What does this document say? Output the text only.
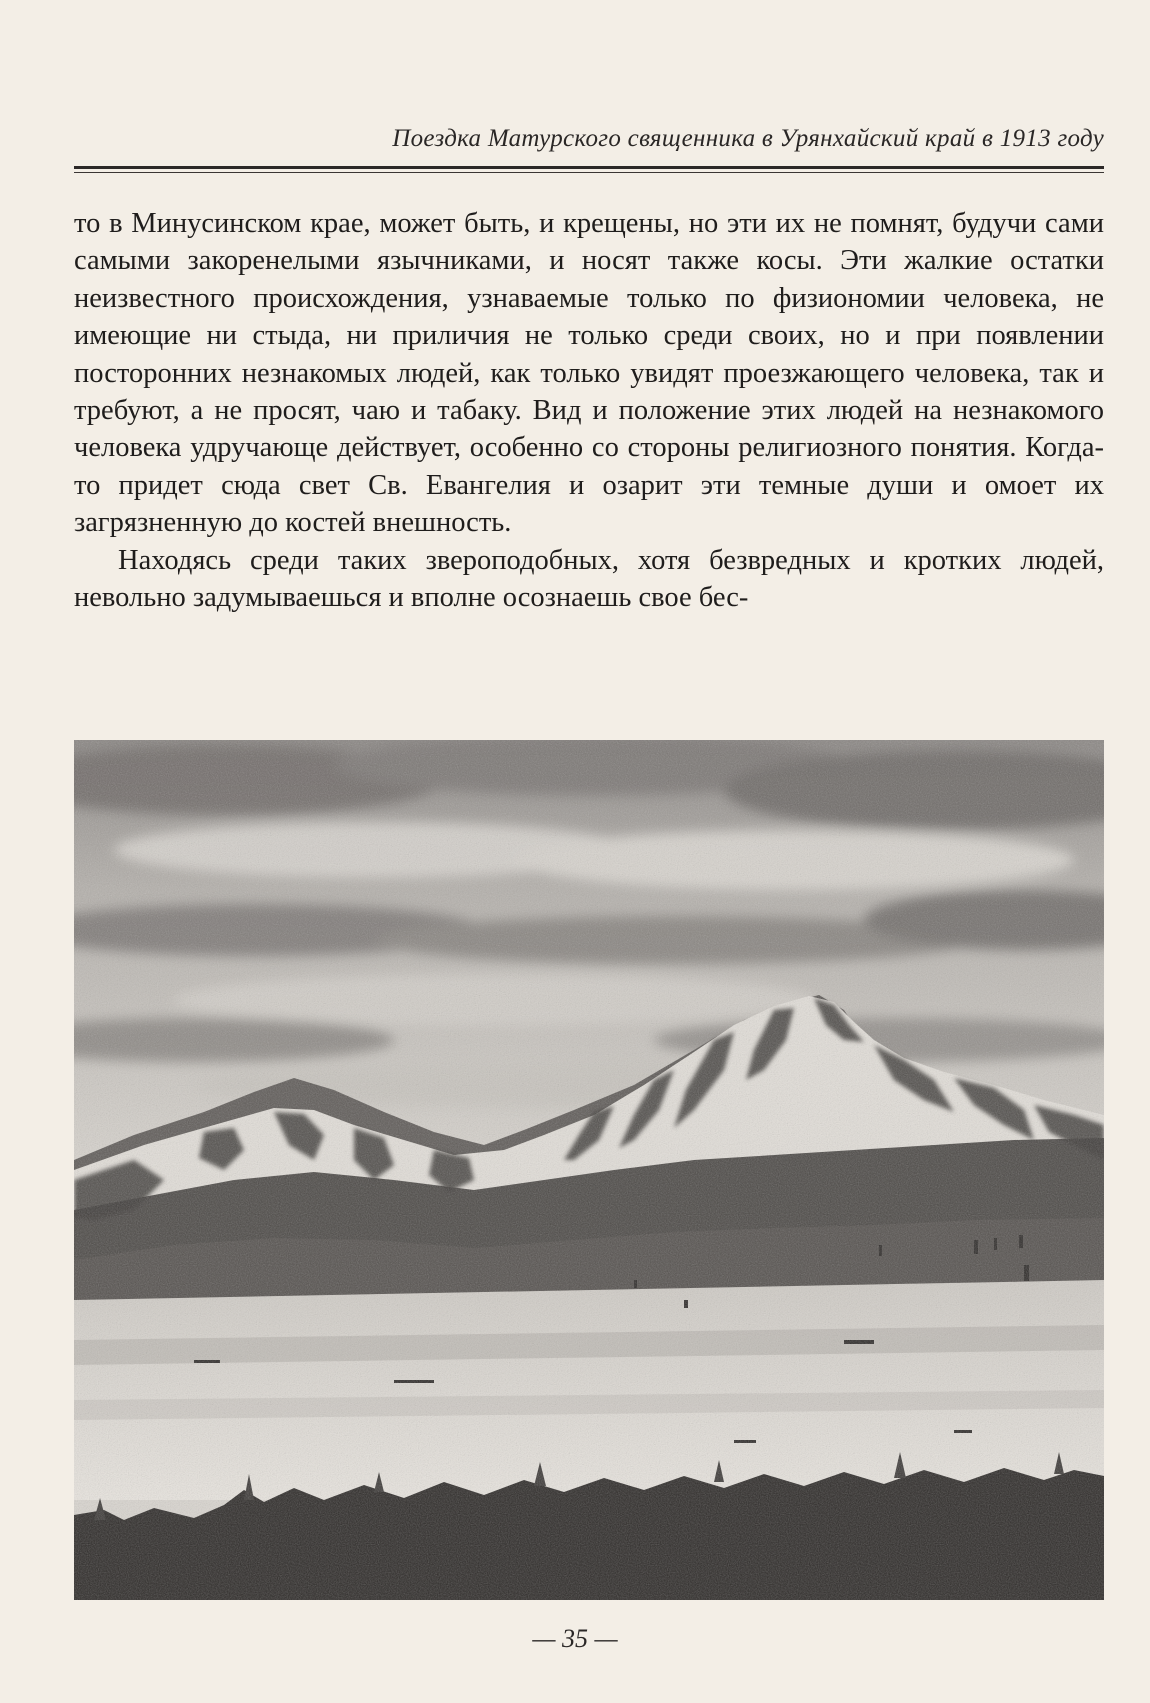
Поездка Матурского священника в Урянхайский край в 1913 году

то в Минусинском крае, может быть, и крещены, но эти их не помнят, будучи сами самыми закоренелыми язычниками, и носят также косы. Эти жалкие остатки неизвестного происхождения, узнаваемые только по физиономии человека, не имеющие ни стыда, ни приличия не только среди своих, но и при появлении посторонних незнакомых людей, как только увидят проезжающего человека, так и требуют, а не просят, чаю и табаку. Вид и положение этих людей на незнакомого человека удручающе действует, особенно со стороны религиозного понятия. Когда-то придет сюда свет Св. Евангелия и озарит эти темные души и омоет их загрязненную до костей внешность.

Находясь среди таких звероподобных, хотя безвредных и кротких людей, невольно задумываешься и вполне осознаешь свое бес-

— 35 —
